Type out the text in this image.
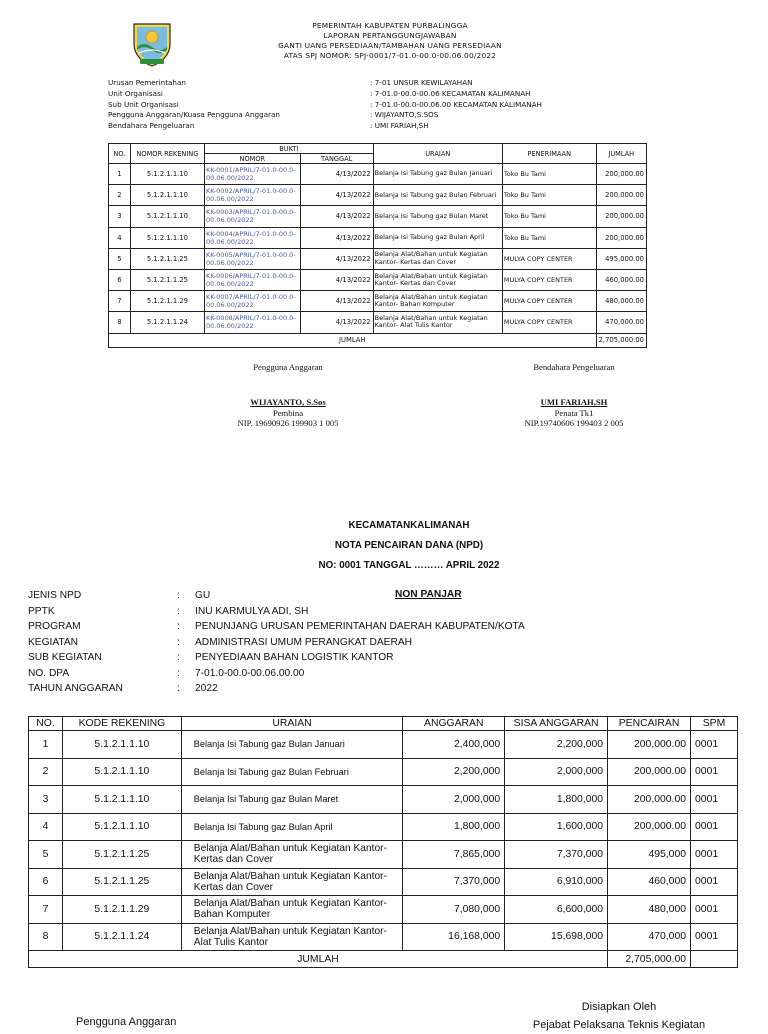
PEMERINTAH KABUPATEN PURBALINGGA
LAPORAN PERTANGGUNGJAWABAN
GANTI UANG PERSEDIAAN/TAMBAHAN UANG PERSEDIAAN
ATAS SPJ NOMOR: SPJ-0001/7-01.0-00.0-00.06.00/2022
Urusan Pemerintahan	: 7-01 UNSUR KEWILAYAHAN
Unit Organisasi	: 7-01.0-00.0-00.06 KECAMATAN KALIMANAH
Sub Unit Organisasi	: 7-01.0-00.0-00.06.00 KECAMATAN KALIMANAH
Pengguna Anggaran/Kuasa Pengguna Anggaran	: WIJAYANTO,S.SOS
Bendahara Pengeluaran	: UMI FARIAH,SH
NO.	NOMOR REKENING	BUKTI		URAIAN	PENERIMAAN	JUMLAH
		NOMOR	TANGGAL			
1	5.1.2.1.1.10	KK-0001/APRIL/7-01.0-00.0-00.06.00/2022	4/13/2022	Belanja Isi Tabung gaz Bulan Januari	Toko Bu Tami	200,000.00
2	5.1.2.1.1.10	KK-0002/APRIL/7-01.0-00.0-00.06.00/2022	4/13/2022	Belanja Isi Tabung gaz Bulan Februari	Toko Bu Tami	200,000.00
3	5.1.2.1.1.10	KK-0003/APRIL/7-01.0-00.0-00.06.00/2022	4/13/2022	Belanja Isi Tabung gaz Bulan Maret	Toko Bu Tami	200,000.00
4	5.1.2.1.1.10	KK-0004/APRIL/7-01.0-00.0-00.06.00/2022	4/13/2022	Belanja Isi Tabung gaz Bulan April	Toko Bu Tami	200,000.00
5	5.1.2.1.1.25	KK-0005/APRIL/7-01.0-00.0-00.06.00/2022	4/13/2022	Belanja Alat/Bahan untuk Kegiatan Kantor- Kertas dan Cover	MULYA COPY CENTER	495,000.00
6	5.1.2.1.1.25	KK-0006/APRIL/7-01.0-00.0-00.06.00/2022	4/13/2022	Belanja Alat/Bahan untuk Kegiatan Kantor- Kertas dan Cover	MULYA COPY CENTER	460,000.00
7	5.1.2.1.1.29	KK-0007/APRIL/7-01.0-00.0-00.06.00/2022	4/13/2022	Belanja Alat/Bahan untuk Kegiatan Kantor- Bahan Komputer	MULYA COPY CENTER	480,000.00
8	5.1.2.1.1.24	KK-0008/APRIL/7-01.0-00.0-00.06.00/2022	4/13/2022	Belanja Alat/Bahan untuk Kegiatan Kantor- Alat Tulis Kantor	MULYA COPY CENTER	470,000.00
JUMLAH						2,705,000.00
Pengguna Anggaran	Bendahara Pengeluaran
WIJAYANTO, S.Sos
Pembina
NIP. 19690926 199903 1 005
UMI FARIAH,SH
Penata Tk1
NIP.19740606 199403 2 005
KECAMATANKALIMANAH
NOTA PENCAIRAN DANA (NPD)
NO: 0001 TANGGAL ……… APRIL 2022
JENIS NPD	: GU
PPTK	: INU KARMULYA ADI, SH
PROGRAM	: PENUNJANG URUSAN PEMERINTAHAN DAERAH KABUPATEN/KOTA
KEGIATAN	: ADMINISTRASI UMUM PERANGKAT DAERAH
SUB KEGIATAN	: PENYEDIAAN BAHAN LOGISTIK KANTOR
NO. DPA	: 7-01.0-00.0-00.06.00.00
TAHUN ANGGARAN	: 2022
NON PANJAR
NO.	KODE REKENING	URAIAN	ANGGARAN	SISA ANGGARAN	PENCAIRAN	SPM
1	5.1.2.1.1.10	Belanja Isi Tabung gaz Bulan Januari	2,400,000	2,200,000	200,000.00	0001
2	5.1.2.1.1.10	Belanja Isi Tabung gaz Bulan Februari	2,200,000	2,000,000	200,000.00	0001
3	5.1.2.1.1.10	Belanja Isi Tabung gaz Bulan Maret	2,000,000	1,800,000	200,000.00	0001
4	5.1.2.1.1.10	Belanja Isi Tabung gaz Bulan April	1,800,000	1,600,000	200,000.00	0001
5	5.1.2.1.1.25	Belanja Alat/Bahan untuk Kegiatan Kantor- Kertas dan Cover	7,865,000	7,370,000	495,000	0001
6	5.1.2.1.1.25	Belanja Alat/Bahan untuk Kegiatan Kantor- Kertas dan Cover	7,370,000	6,910,000	460,000	0001
7	5.1.2.1.1.29	Belanja Alat/Bahan untuk Kegiatan Kantor- Bahan Komputer	7,080,000	6,600,000	480,000	0001
8	5.1.2.1.1.24	Belanja Alat/Bahan untuk Kegiatan Kantor- Alat Tulis Kantor	16,168,000	15,698,000	470,000	0001
JUMLAH					2,705,000.00	
Pengguna Anggaran
Disiapkan Oleh
Pejabat Pelaksana Teknis Kegiatan
